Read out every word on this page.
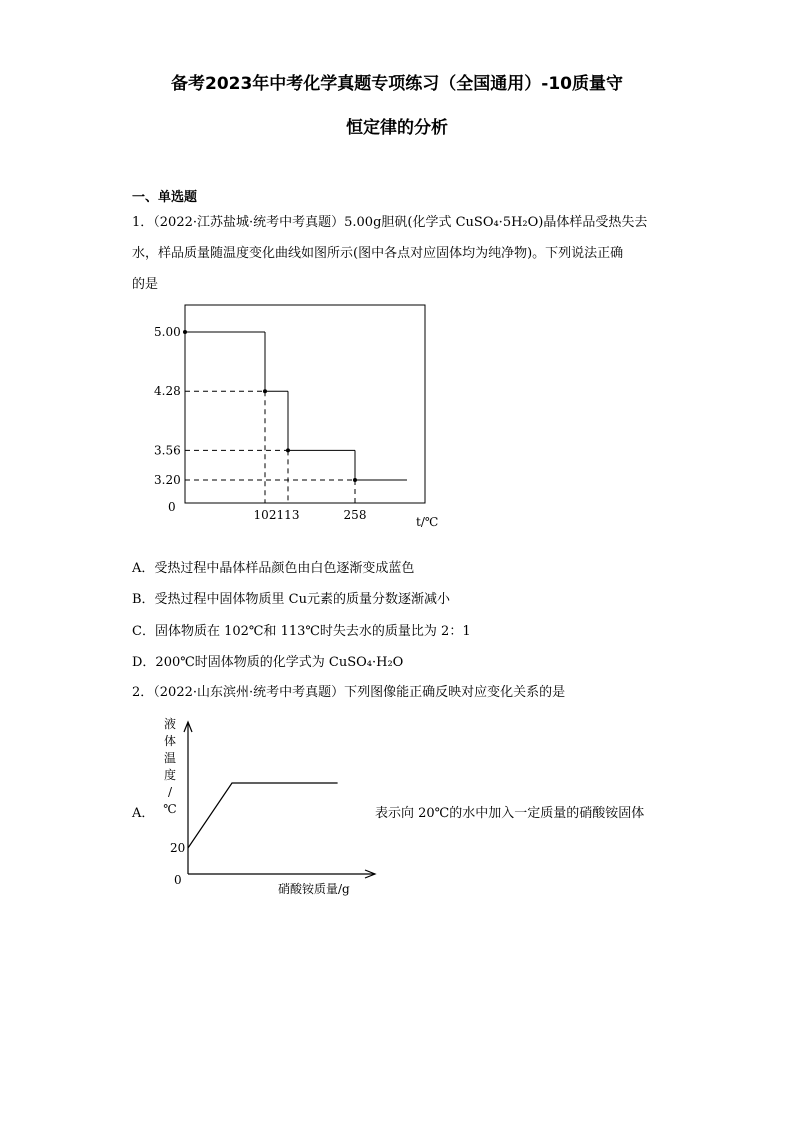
备考2023年中考化学真题专项练习（全国通用）-10质量守
恒定律的分析
一、单选题
1．（2022·江苏盐城·统考中考真题）5.00g胆矾(化学式 CuSO₄·5H₂O)晶体样品受热失去
水，样品质量随温度变化曲线如图所示(图中各点对应固体均为纯净物)。下列说法正确
的是
5.00
4.28
3.56
3.20
0
102 113	258	t/℃
A．受热过程中晶体样品颜色由白色逐渐变成蓝色
B．受热过程中固体物质里 Cu元素的质量分数逐渐减小
C．固体物质在 102℃和 113℃时失去水的质量比为 2：1
D．200℃时固体物质的化学式为 CuSO₄·H₂O
2．（2022·山东滨州·统考中考真题）下列图像能正确反映对应变化关系的是
液
体
温
度
/
℃
20
0
硝酸铵质量/g
A．	表示向 20℃的水中加入一定质量的硝酸铵固体
